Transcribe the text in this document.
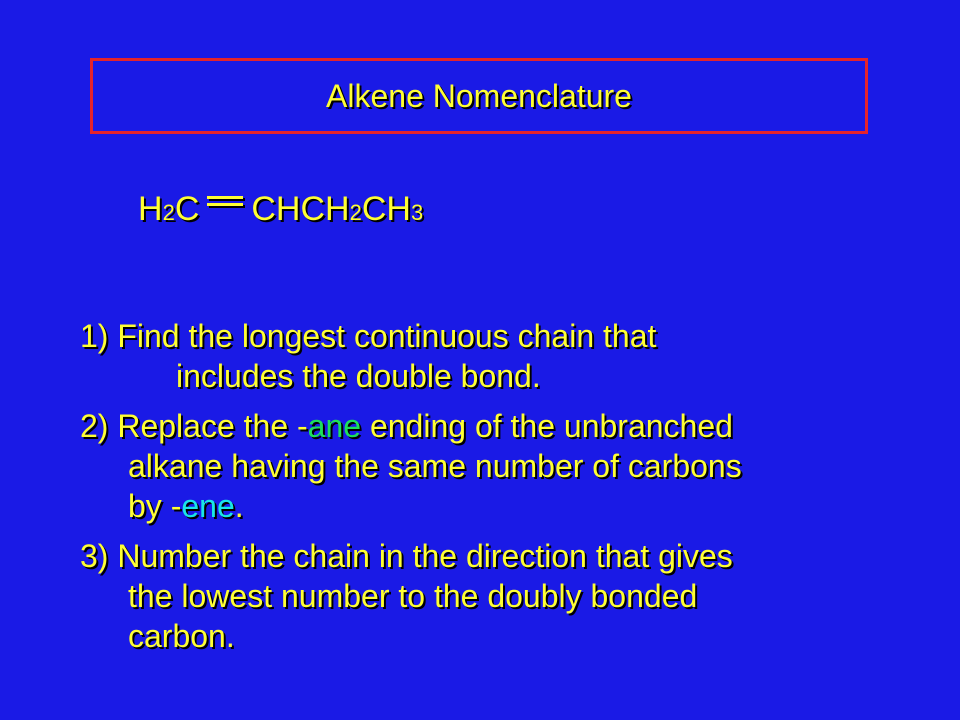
Alkene Nomenclature
H 2 C CHCH 2 CH 3
1) Find the longest continuous chain that
includes the double bond.
2) Replace the -ane ending of the unbranched
alkane having the same number of carbons
by -ene.
3) Number the chain in the direction that gives
the lowest number to the doubly bonded
carbon.
